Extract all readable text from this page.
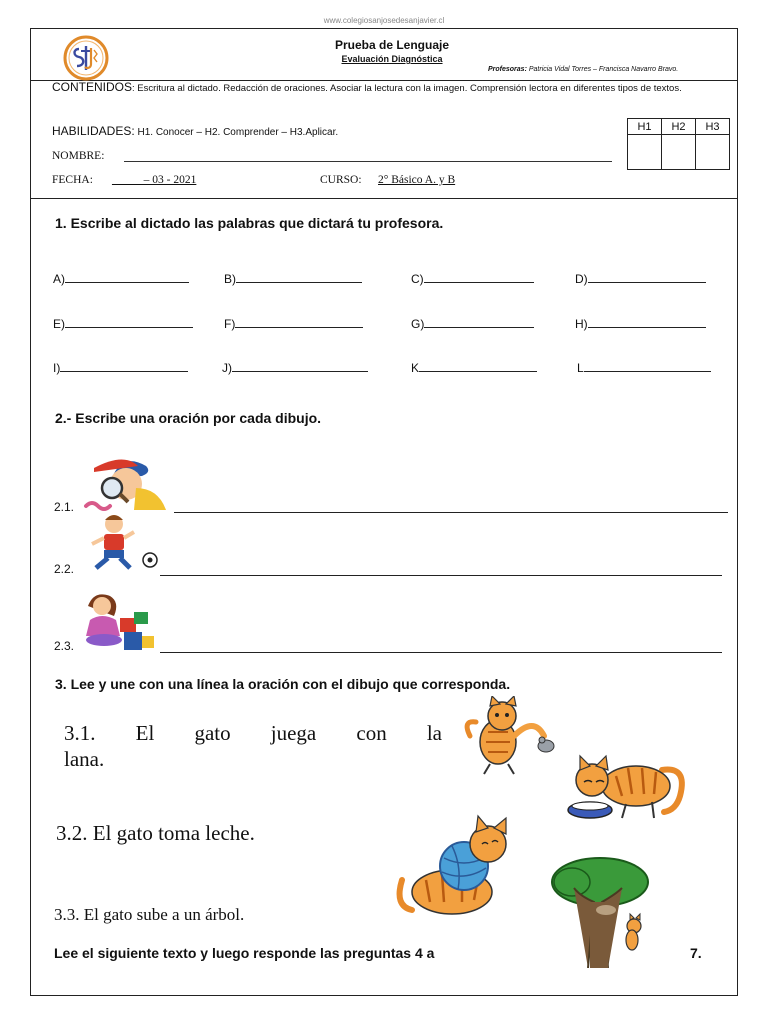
www.colegiosanjosedesanjavier.cl
Prueba de Lenguaje
Evaluación Diagnóstica
Profesoras: Patricia Vidal Torres – Francisca Navarro Bravo.
CONTENIDOS: Escritura al dictado. Redacción de oraciones. Asociar la lectura con la imagen. Comprensión lectora en diferentes tipos de textos.
HABILIDADES: H1. Conocer – H2. Comprender – H3.Aplicar.	H1	H2	H3

NOMBRE:
FECHA: _____ – 03 - 2021	CURSO: 2° Básico A. y B
1. Escribe al dictado las palabras que dictará tu profesora.
A)	B)	C)	D)
E)	F)	G)	H)
I)	J)	K	L
2.- Escribe una oración por cada dibujo.
2.1.
2.2.
2.3.
3. Lee y une con una línea la oración con el dibujo que corresponda.
3.1. El gato juega con la
lana.
3.2. El gato toma leche.
3.3. El gato sube a un árbol.
Lee el siguiente texto y luego responde las preguntas 4 a	7.
